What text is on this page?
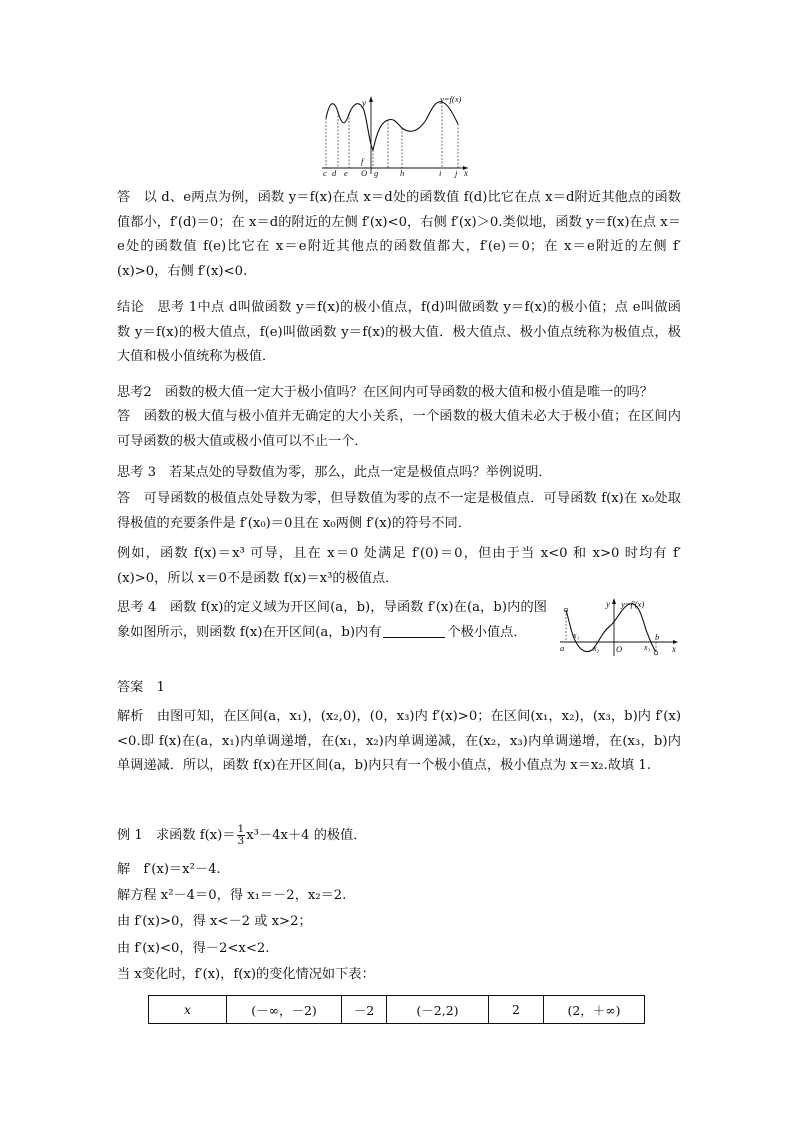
y	y=f(x)
x
c d e O
f
g	h	i j
答　以 d、e两点为例，函数 y＝f(x)在点 x＝d处的函数值 f(d)比它在点 x＝d附近其他点的函数值都小，f′(d)＝0；在 x＝d的附近的左侧 f′(x)<0，右侧 f′(x)＞0.类似地，函数 y＝f(x)在点 x＝e处的函数值 f(e)比它在 x＝e附近其他点的函数值都大，f′(e)＝0；在 x＝e附近的左侧 f′(x)>0，右侧 f′(x)<0.
结论　思考 1中点 d叫做函数 y＝f(x)的极小值点，f(d)叫做函数 y＝f(x)的极小值；点 e叫做函数 y＝f(x)的极大值点，f(e)叫做函数 y＝f(x)的极大值．极大值点、极小值点统称为极值点，极大值和极小值统称为极值．
思考2　函数的极大值一定大于极小值吗？在区间内可导函数的极大值和极小值是唯一的吗？
答　函数的极大值与极小值并无确定的大小关系，一个函数的极大值未必大于极小值；在区间内可导函数的极大值或极小值可以不止一个．
思考 3　若某点处的导数值为零，那么，此点一定是极值点吗？举例说明．
答　可导函数的极值点处导数为零，但导数值为零的点不一定是极值点．可导函数 f(x)在 x₀处取得极值的充要条件是 f′(x₀)＝0且在 x₀两侧 f′(x)的符号不同．
例如，函数 f(x)＝x³ 可导，且在 x＝0 处满足 f′(0)＝0，但由于当 x<0 和 x>0 时均有 f′(x)>0，所以 x＝0不是函数 f(x)＝x³的极值点．
思考 4　函数 f(x)的定义域为开区间(a，b)，导函数 f′(x)在(a，b)内的图象如图所示，则函数 f(x)在开区间(a，b)内有	个极小值点．
y y=f′(x)
x
a
x₁
x₂ O	x₃
b
答案　1
解析　由图可知，在区间(a，x₁)，(x₂,0)，(0，x₃)内 f′(x)>0；在区间(x₁，x₂)，(x₃，b)内 f′(x)<0.即 f(x)在(a，x₁)内单调递增，在(x₁，x₂)内单调递减，在(x₂，x₃)内单调递增，在(x₃，b)内单调递减．所以，函数 f(x)在开区间(a，b)内只有一个极小值点，极小值点为 x＝x₂.故填 1.
例 1　求函数 $f(x)= \frac{1}{3} x^3-4x+4$ 的极值．
解　f′(x)＝x²－4.
解方程 x²－4＝0，得 x₁＝－2，x₂＝2.
由 f′(x)>0，得 x<－2 或 x>2；
由 f′(x)<0，得－2<x<2.
当 x变化时，f′(x)，f(x)的变化情况如下表：
x	(－∞，－2)	－2	(－2,2)	2	(2，＋∞)
